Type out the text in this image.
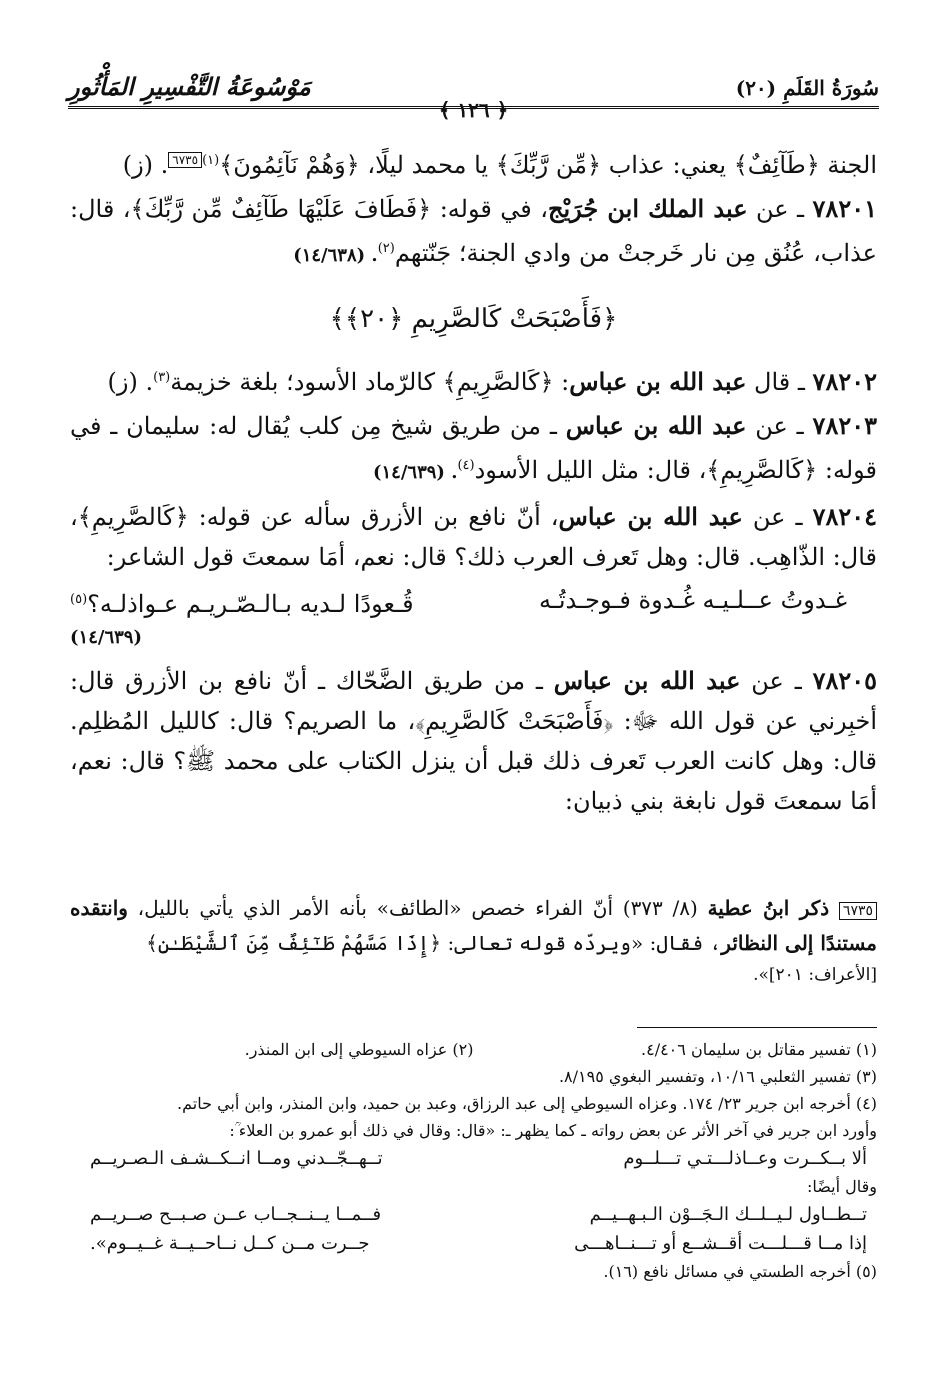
سُورَةُ القَلَمِ (٢٠)
مَوْسُوعَةُ التَّفْسِيرِ المَأْثُورِ
﴿ ١٢٦ ﴾

الجنة ﴿طَآئِفٌ﴾ يعني: عذاب ﴿مِّن رَّبِّكَ﴾ يا محمد ليلًا، ﴿وَهُمْ نَآئِمُونَ﴾$^{(١)٦٧٣٥}$. (ز)

٧٨٢٠١ ـ عن عبد الملك ابن جُرَيْج، في قوله: ﴿فَطَافَ عَلَيْهَا طَآئِفٌ مِّن رَّبِّكَ﴾، قال: عذاب، عُنُق مِن نار خَرجتْ من وادي الجنة؛ جَنّتهم$^{(٢)}$. (١٤/٦٣٨)

﴿فَأَصْبَحَتْ كَالصَّرِيمِ ﴿٢٠﴾﴾

٧٨٢٠٢ ـ قال عبد الله بن عباس: ﴿كَالصَّرِيمِ﴾ كالرّماد الأسود؛ بلغة خزيمة$^{(٣)}$. (ز)

٧٨٢٠٣ ـ عن عبد الله بن عباس ـ من طريق شيخ مِن كلب يُقال له: سليمان ـ في قوله: ﴿كَالصَّرِيمِ﴾، قال: مثل الليل الأسود$^{(٤)}$. (١٤/٦٣٩)

٧٨٢٠٤ ـ عن عبد الله بن عباس، أنّ نافع بن الأزرق سأله عن قوله: ﴿كَالصَّرِيمِ﴾، قال: الذّاهِب. قال: وهل تَعرف العرب ذلك؟ قال: نعم، أمَا سمعتَ قول الشاعر:

غـدوتُ عــلـيـه غُـدوة فـوجـدتُـه
قُـعودًا لـديه بـالـصّـريـم عـواذلـه؟(٥)
(١٤/٦٣٩)

٧٨٢٠٥ ـ عن عبد الله بن عباس ـ من طريق الضَّحّاك ـ أنّ نافع بن الأزرق قال: أخبِرني عن قول الله ﷻ: ﴿فَأَصْبَحَتْ كَالصَّرِيمِ﴾، ما الصريم؟ قال: كالليل المُظلِم. قال: وهل كانت العرب تَعرف ذلك قبل أن ينزل الكتاب على محمد ﷺ؟ قال: نعم، أمَا سمعتَ قول نابغة بني ذبيان:

٦٧٣٥ ذكر ابنُ عطية (٨/ ٣٧٣) أنّ الفراء خصص «الطائف» بأنه الأمر الذي يأتي بالليل، وانتقده مستندًا إلى النظائر، فقال: «ويردّه قوله تعالى: ﴿إِذَا مَسَّهُمْ طَـٰٓئِفٌ مِّنَ ٱلشَّيْطَـٰنِ﴾
[الأعراف: ٢٠١]».
(١) تفسير مقاتل بن سليمان ٤/٤٠٦.
(٢) عزاه السيوطي إلى ابن المنذر.
(٣) تفسير الثعلبي ١٠/١٦، وتفسير البغوي ٨/١٩٥.
(٤) أخرجه ابن جرير ٢٣/ ١٧٤. وعزاه السيوطي إلى عبد الرزاق، وعبد بن حميد، وابن المنذر، وابن أبي حاتم.
وأورد ابن جرير في آخر الأثر عن بعض رواته ـ كما يظهر ـ: «قال: وقال في ذلك أبو عمرو بن العلاء ؒ:
ألا بــكــرت وعــاذلـــتـي تـــلــوم
تــهــجّــدني ومــا انــكــشـف الـصـريــم
وقال أيضًا:
تــطــاول لـيــلــك الـجَــوْن الـبـهــيــم
فــمــا يــنــجــاب عــن صـبــح صــريــم
إذا مــا قـــلـــت أقــشــع أو تـــنــاهـــى
جــرت مــن كــل نــاحــيــة غــيــوم».
(٥) أخرجه الطستي في مسائل نافع (١٦).
